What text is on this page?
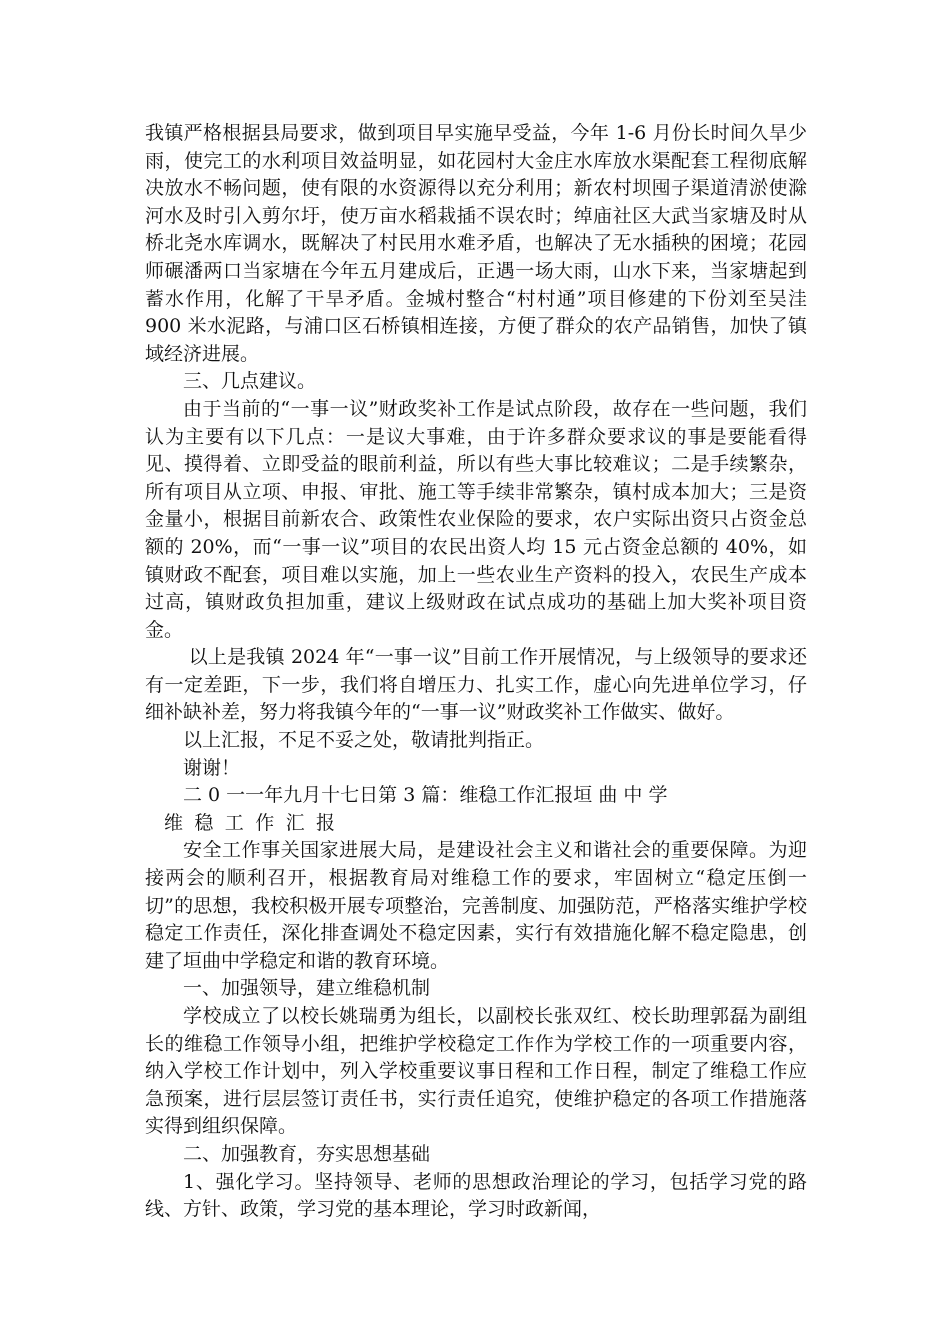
我镇严格根据县局要求，做到项目早实施早受益，今年 1-6 月份长时间久旱少雨，使完工的水利项目效益明显，如花园村大金庄水库放水渠配套工程彻底解决放水不畅问题，使有限的水资源得以充分利用；新农村坝囤子渠道清淤使滁河水及时引入剪尔圩，使万亩水稻栽插不误农时；绰庙社区大武当家塘及时从桥北尧水库调水，既解决了村民用水难矛盾，也解决了无水插秧的困境；花园师碾潘两口当家塘在今年五月建成后，正遇一场大雨，山水下来，当家塘起到蓄水作用，化解了干旱矛盾。金城村整合“村村通”项目修建的下份刘至吴洼 900 米水泥路，与浦口区石桥镇相连接，方便了群众的农产品销售，加快了镇域经济进展。

三、几点建议。

由于当前的“一事一议”财政奖补工作是试点阶段，故存在一些问题，我们认为主要有以下几点：一是议大事难，由于许多群众要求议的事是要能看得见、摸得着、立即受益的眼前利益，所以有些大事比较难议；二是手续繁杂，所有项目从立项、申报、审批、施工等手续非常繁杂，镇村成本加大；三是资金量小，根据目前新农合、政策性农业保险的要求，农户实际出资只占资金总额的 20%，而“一事一议”项目的农民出资人均 15 元占资金总额的 40%，如镇财政不配套，项目难以实施，加上一些农业生产资料的投入，农民生产成本过高，镇财政负担加重，建议上级财政在试点成功的基础上加大奖补项目资金。

以上是我镇 2024 年“一事一议”目前工作开展情况，与上级领导的要求还有一定差距，下一步，我们将自增压力、扎实工作，虚心向先进单位学习，仔细补缺补差，努力将我镇今年的“一事一议”财政奖补工作做实、做好。

以上汇报，不足不妥之处，敬请批判指正。

谢谢！

二 0 一一年九月十七日第 3 篇：维稳工作汇报垣 曲 中 学

维稳工作汇报

安全工作事关国家进展大局，是建设社会主义和谐社会的重要保障。为迎接两会的顺利召开，根据教育局对维稳工作的要求，牢固树立“稳定压倒一切”的思想，我校积极开展专项整治，完善制度、加强防范，严格落实维护学校稳定工作责任，深化排查调处不稳定因素，实行有效措施化解不稳定隐患，创建了垣曲中学稳定和谐的教育环境。

一、加强领导，建立维稳机制

学校成立了以校长姚瑞勇为组长，以副校长张双红、校长助理郭磊为副组长的维稳工作领导小组，把维护学校稳定工作作为学校工作的一项重要内容，纳入学校工作计划中，列入学校重要议事日程和工作日程，制定了维稳工作应急预案，进行层层签订责任书，实行责任追究，使维护稳定的各项工作措施落实得到组织保障。

二、加强教育，夯实思想基础

1、强化学习。坚持领导、老师的思想政治理论的学习，包括学习党的路线、方针、政策，学习党的基本理论，学习时政新闻，
